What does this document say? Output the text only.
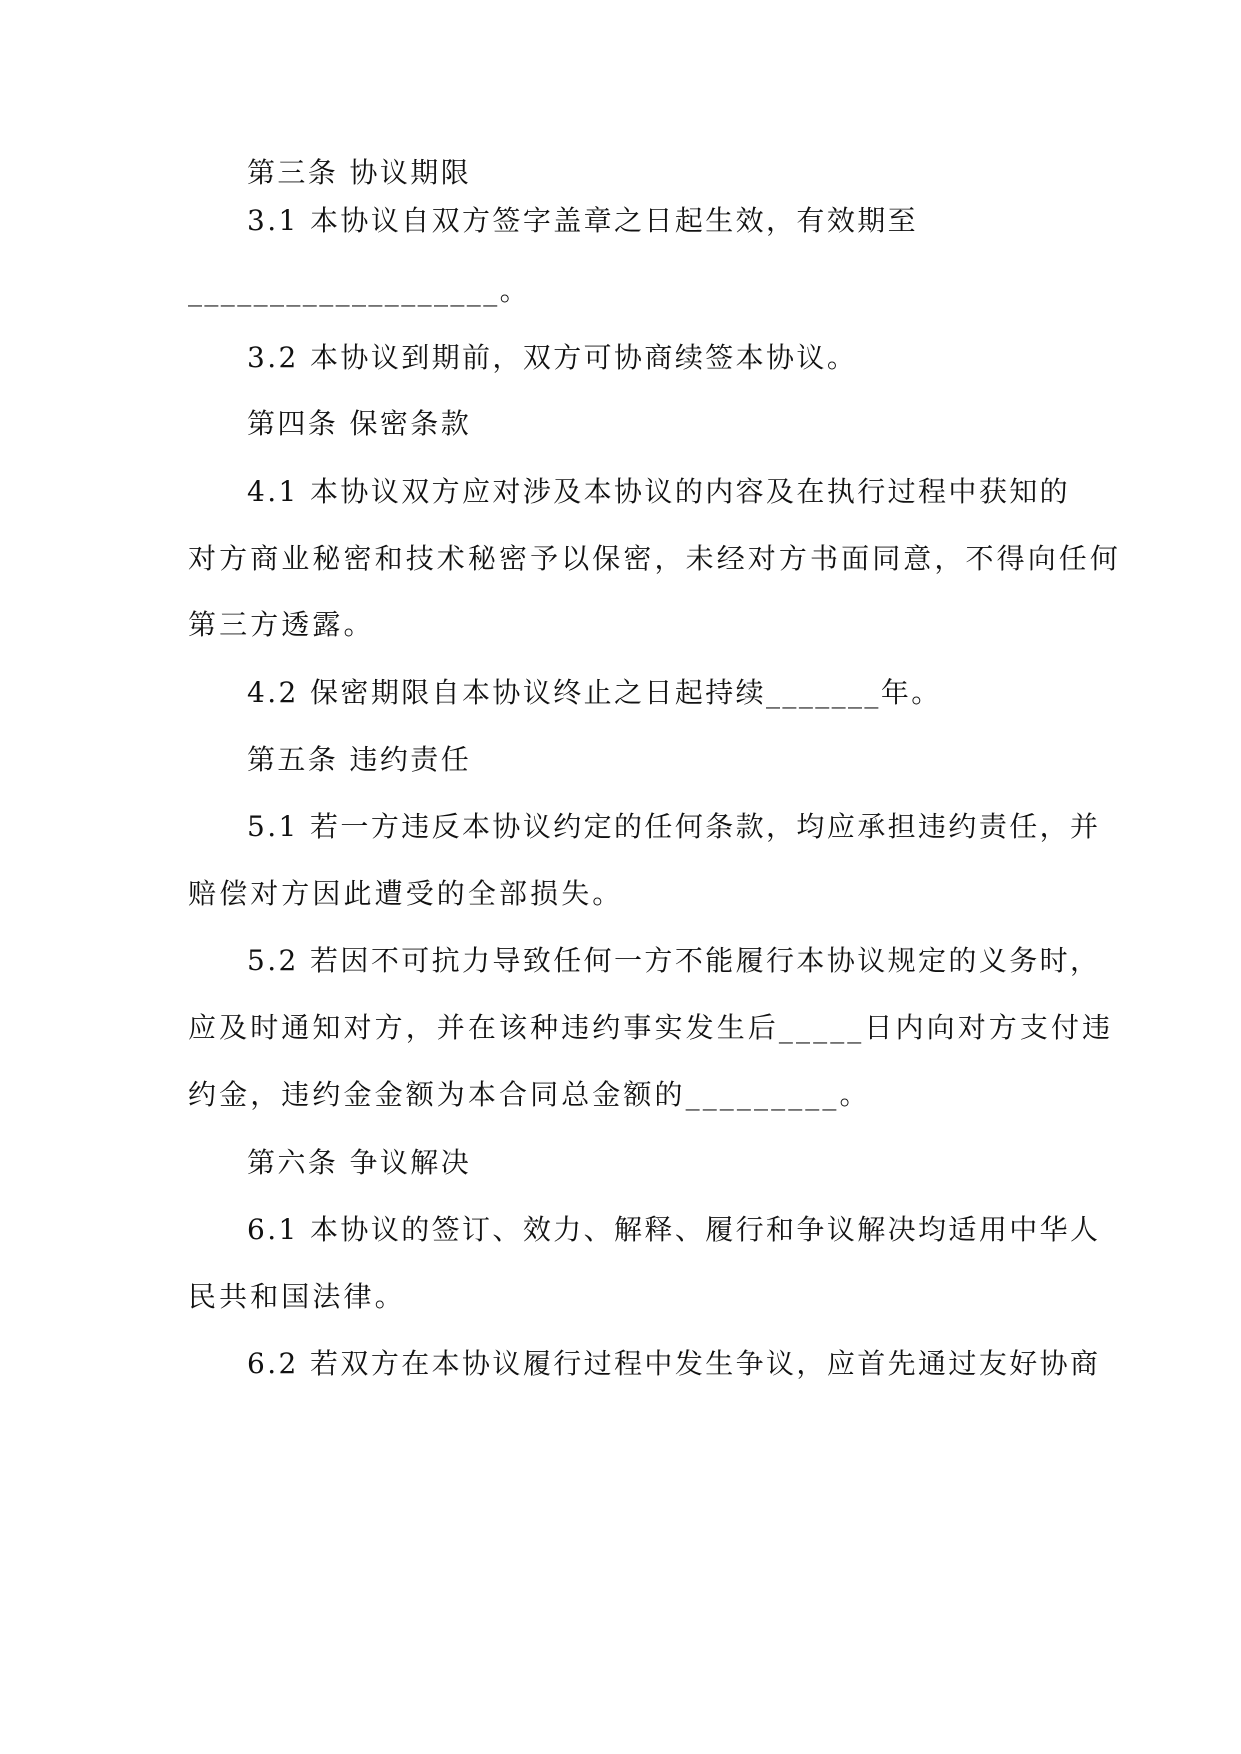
第三条 协议期限
3.1 本协议自双方签字盖章之日起生效，有效期至
___________________。
3.2 本协议到期前，双方可协商续签本协议。
第四条 保密条款
4.1 本协议双方应对涉及本协议的内容及在执行过程中获知的
对方商业秘密和技术秘密予以保密，未经对方书面同意，不得向任何
第三方透露。
4.2 保密期限自本协议终止之日起持续_______年。
第五条 违约责任
5.1 若一方违反本协议约定的任何条款，均应承担违约责任，并
赔偿对方因此遭受的全部损失。
5.2 若因不可抗力导致任何一方不能履行本协议规定的义务时，
应及时通知对方，并在该种违约事实发生后_____日内向对方支付违
约金，违约金金额为本合同总金额的_________。
第六条 争议解决
6.1 本协议的签订、效力、解释、履行和争议解决均适用中华人
民共和国法律。
6.2 若双方在本协议履行过程中发生争议，应首先通过友好协商
